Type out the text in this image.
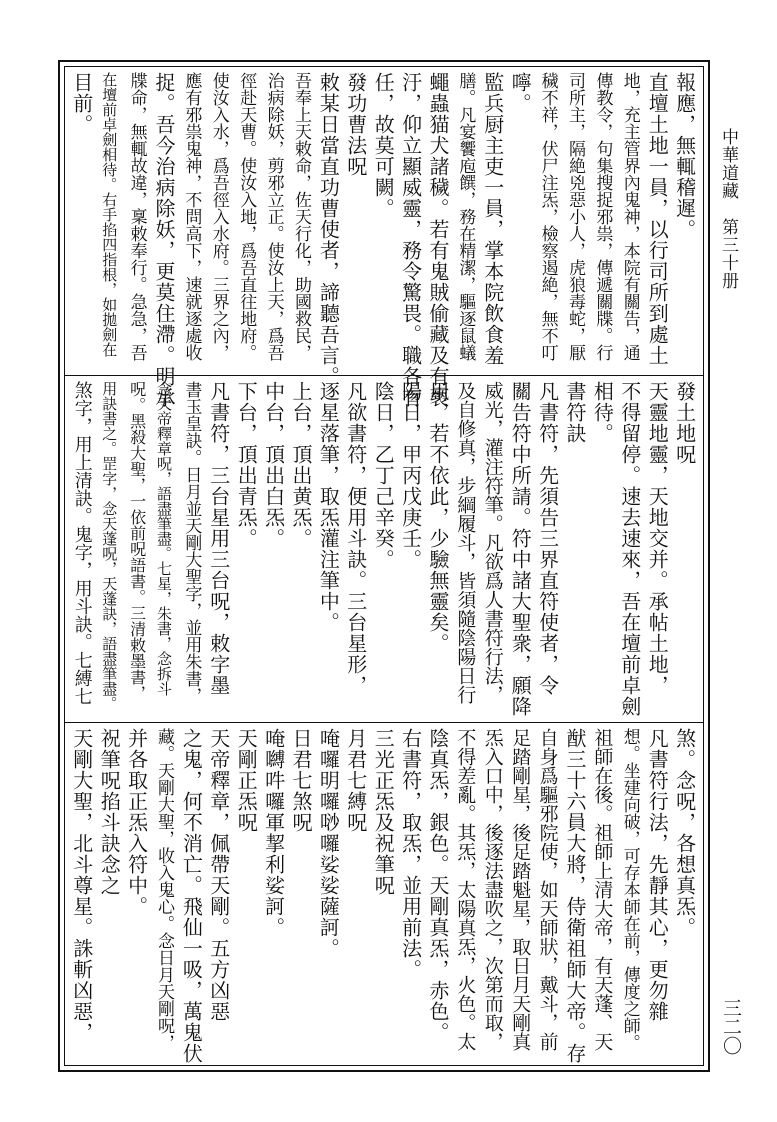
中華道藏　第三十册
三二〇
報應，無輒稽遲。
直壇土地一員，以行司所到處土
地，充主管界內鬼神，本院有關告，通
傳教令，句集搜捉邪祟，傳遞關牒。行
司所主，隔絶兇惡小人，虎狼毒蛇，厭
穢不祥，伏尸注炁，檢察遏絶，無不叮
嚀。
監兵厨主吏一員，掌本院飲食羞
膳。凡宴饗庖饌，務在精潔，驅逐鼠蟻
蠅蟲猫犬諸穢。若有鬼賊偷藏及有褻
汙，仰立顯威靈，務令驚畏。職各有
任，故莫可闕。
發功曹法呪
敕某日當直功曹使者，諦聽吾言。
吾奉上天敕命，佐天行化，助國救民，
治病除妖，剪邪立正。使汝上天，爲吾
徑赴天曹。使汝入地，爲吾直往地府。
使汝入水，爲吾徑入水府。三界之內，
應有邪祟鬼神，不問高下，速就逐處收
捉。吾今治病除妖，更莫住滯。明承
牒命，無輒故違，稟敕奉行。急急，吾
在壇前卓劍相待。右手掐四指根，如拋劍在
目前。
發土地呪
天靈地靈，天地交并。承帖土地，
不得留停。速去速來，吾在壇前卓劍
相待。
書符訣
凡書符，先須告三界直符使者，令
關告符中所請。符中諸大聖衆，願降
威光，灌注符筆。凡欲爲人書符行法，
及自修真，步綱履斗，皆須隨陰陽日行
用，若不依此，少驗無靈矣。
陽日，甲丙戊庚壬。
陰日，乙丁己辛癸。
凡欲書符，便用斗訣。三台星形，
逐星落筆，取炁灌注筆中。
上台，頂出黄炁。
中台，頂出白炁。
下台，頂出青炁。
凡書符，三台星用三台呪，敕字墨
書玉皇訣。日月並天剛大聖字，並用朱書，
念天帝釋章呪，語盡筆盡。七星，朱書，念拆斗
呪。黑殺大聖，一依前呪語書。三清敕墨書，
用訣書之。罡字，念天蓬呪，天蓬訣，語盡筆盡。
煞字，用上清訣。鬼字，用斗訣。七縛七
煞。念呪，各想真炁。
凡書符行法，先靜其心，更勿雜
想。坐建向破，可存本師在前，傳度之師。
祖師在後。祖師上清大帝，有天蓬、天
猷三十六員大將，侍衛祖師大帝。存
自身爲驅邪院使，如天師狀，戴斗，前
足踏剛星，後足踏魁星，取日月天剛真
炁入口中，後逐法盡吹之，次第而取，
不得差亂。其炁，太陽真炁，火色。太
陰真炁，銀色。天剛真炁，赤色。
右書符，取炁，並用前法。
三光正炁及祝筆呪
月君七縛呪
唵囉明囉唦囉娑娑薩訶。
日君七煞呪
唵嚩吽囉軍挈利娑訶。
天剛正炁呪
天帝釋章，佩帶天剛。五方凶惡
之鬼，何不消亡。飛仙一吸，萬鬼伏
藏。天剛大聖，收入鬼心。念日月天剛呪，
并各取正炁入符中。
祝筆呪掐斗訣念之
天剛大聖，北斗尊星。誅斬凶惡，
